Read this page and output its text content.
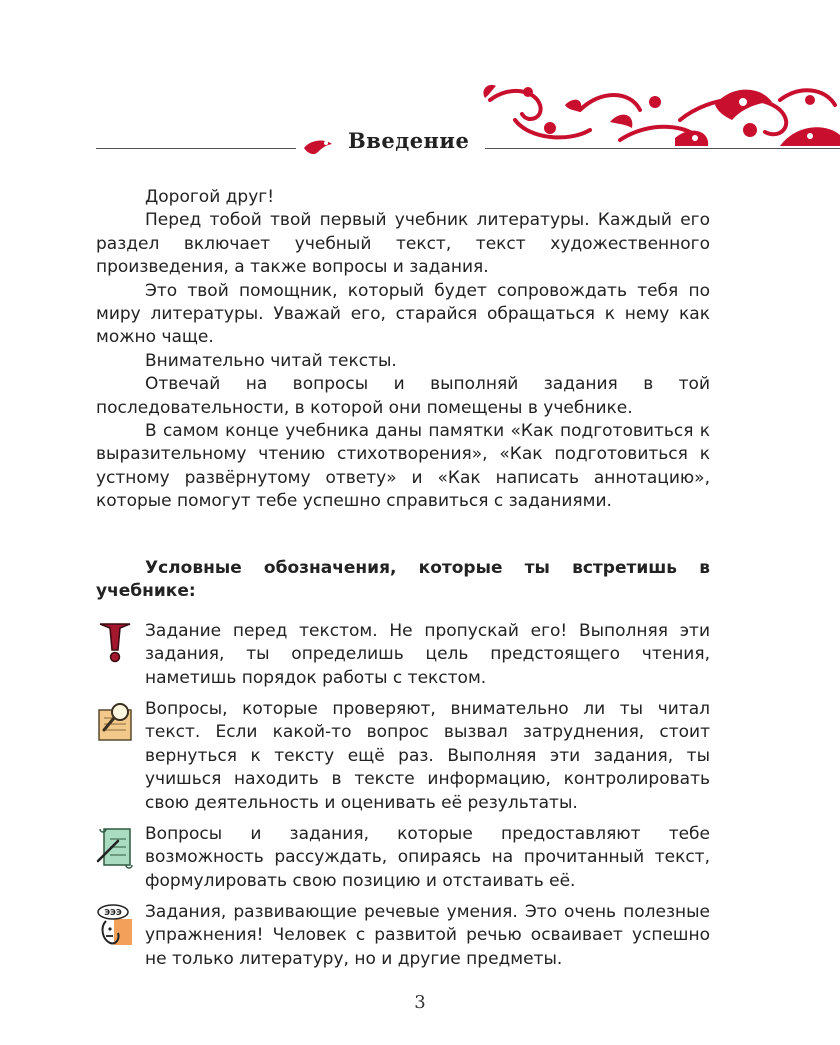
Введение

Дорогой друг!

Перед тобой твой первый учебник литературы. Каждый его раздел включает учебный текст, текст художественного произведения, а также вопросы и задания.

Это твой помощник, который будет сопровождать тебя по миру литературы. Уважай его, старайся обращаться к нему как можно чаще.

Внимательно читай тексты.

Отвечай на вопросы и выполняй задания в той последовательности, в которой они помещены в учебнике.

В самом конце учебника даны памятки «Как подготовиться к выразительному чтению стихотворения», «Как подготовиться к устному развёрнутому ответу» и «Как написать аннотацию», которые помогут тебе успешно справиться с заданиями.

Условные обозначения, которые ты встретишь в учебнике:

Задание перед текстом. Не пропускай его! Выполняя эти задания, ты определишь цель предстоящего чтения, наметишь порядок работы с текстом.
Вопросы, которые проверяют, внимательно ли ты читал текст. Если какой-то вопрос вызвал затруднения, стоит вернуться к тексту ещё раз. Выполняя эти задания, ты учишься находить в тексте информацию, контролировать свою деятельность и оценивать её результаты.
Вопросы и задания, которые предоставляют тебе возможность рассуждать, опираясь на прочитанный текст, формулировать свою позицию и отстаивать её.
ЭЭЭ Задания, развивающие речевые умения. Это очень полезные упражнения! Человек с развитой речью осваивает успешно не только литературу, но и другие предметы.
3
